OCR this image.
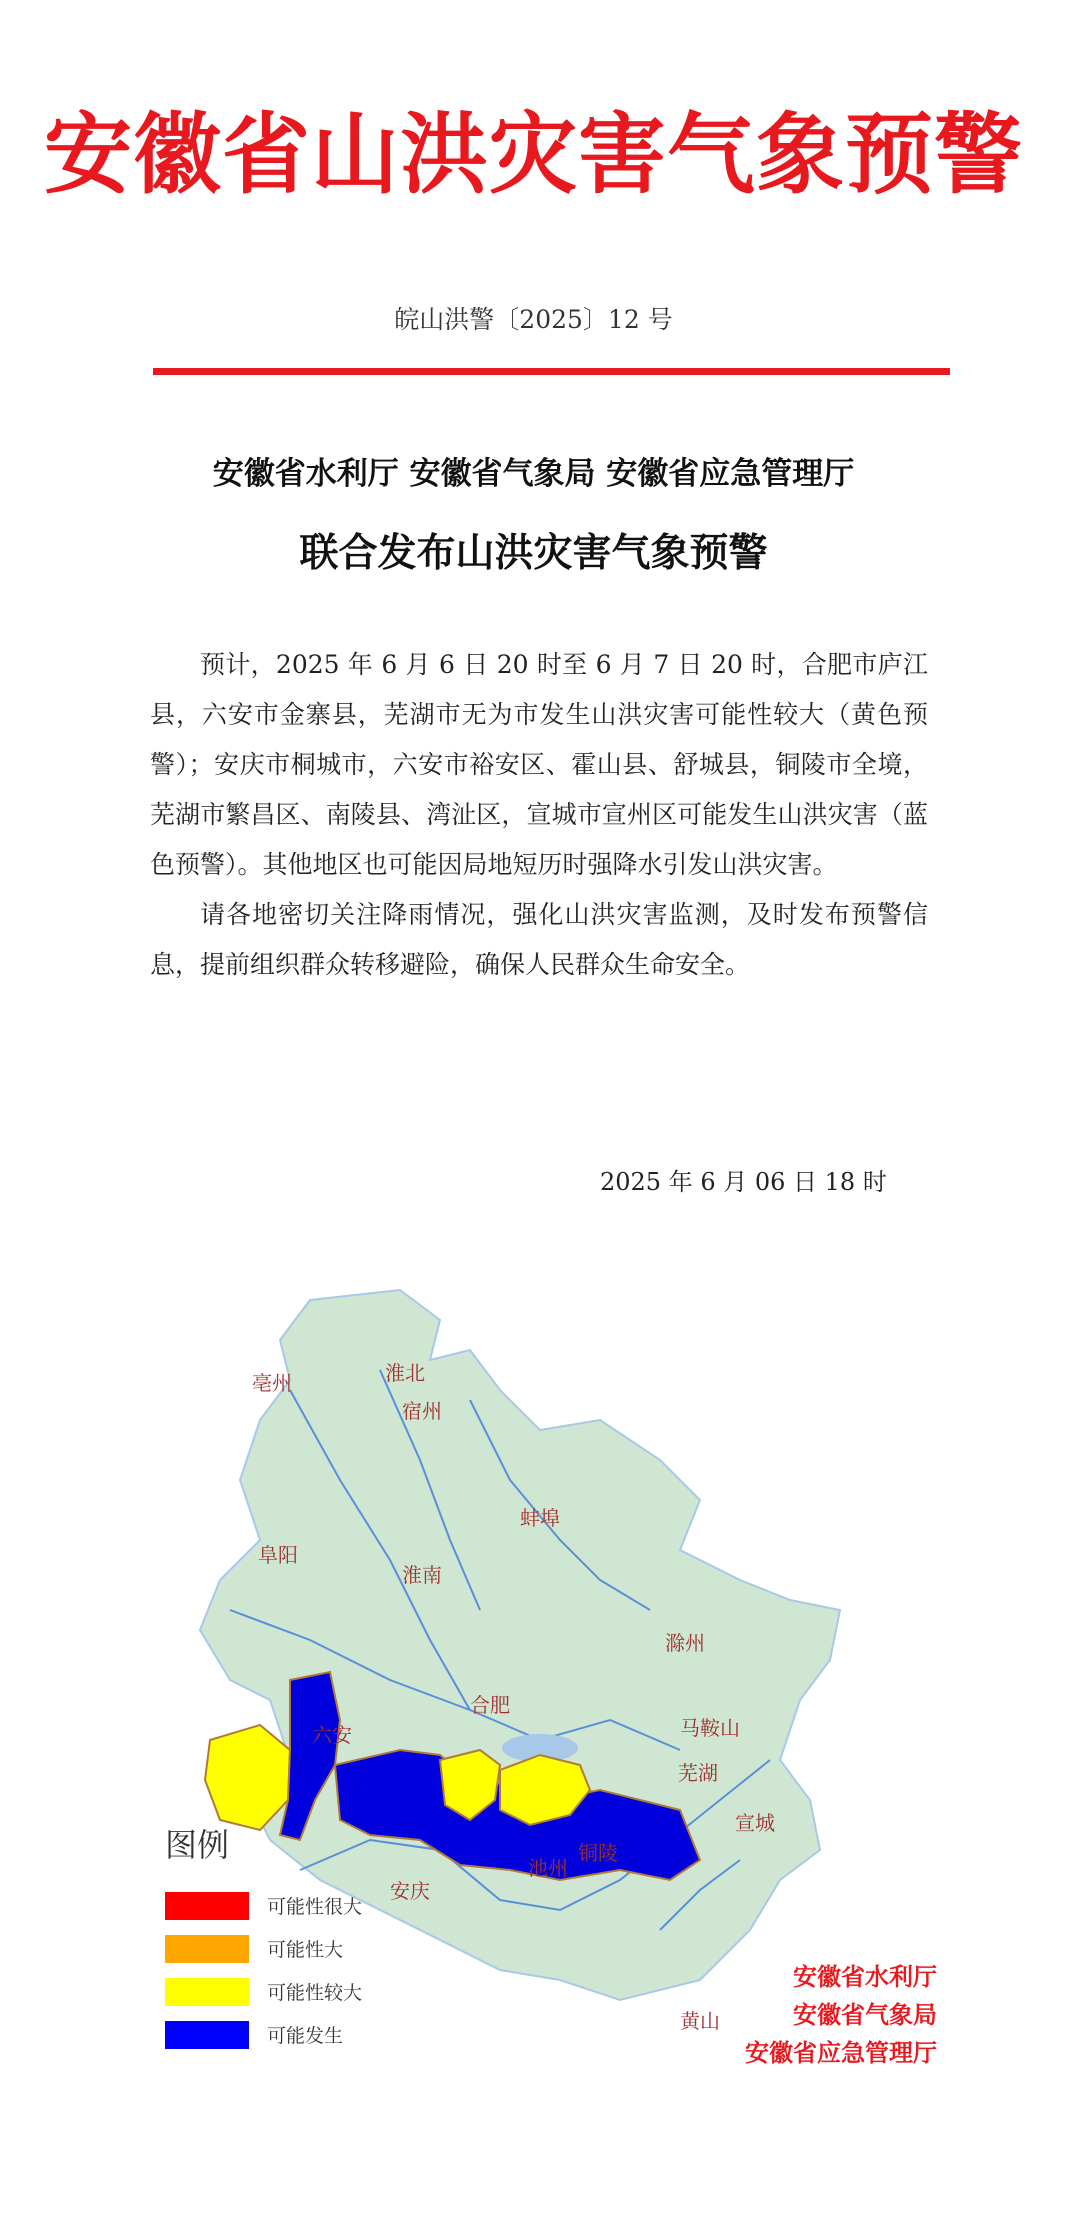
安徽省山洪灾害气象预警
皖山洪警〔2025〕12 号
安徽省水利厅 安徽省气象局 安徽省应急管理厅
联合发布山洪灾害气象预警

预计，2025 年 6 月 6 日 20 时至 6 月 7 日 20 时，合肥市庐江县，六安市金寨县，芜湖市无为市发生山洪灾害可能性较大（黄色预警）；安庆市桐城市，六安市裕安区、霍山县、舒城县，铜陵市全境，芜湖市繁昌区、南陵县、湾沚区，宣城市宣州区可能发生山洪灾害（蓝色预警）。其他地区也可能因局地短历时强降水引发山洪灾害。

请各地密切关注降雨情况，强化山洪灾害监测，及时发布预警信息，提前组织群众转移避险，确保人民群众生命安全。

2025 年 6 月 06 日 18 时
亳州	淮北
宿州
蚌埠
阜阳
淮南
滁州
合肥
六安	马鞍山
芜湖
宣城
铜陵
池州
安庆
黄山
图例
可能性很大
可能性大
可能性较大
可能发生
安徽省水利厅
安徽省气象局
安徽省应急管理厅
